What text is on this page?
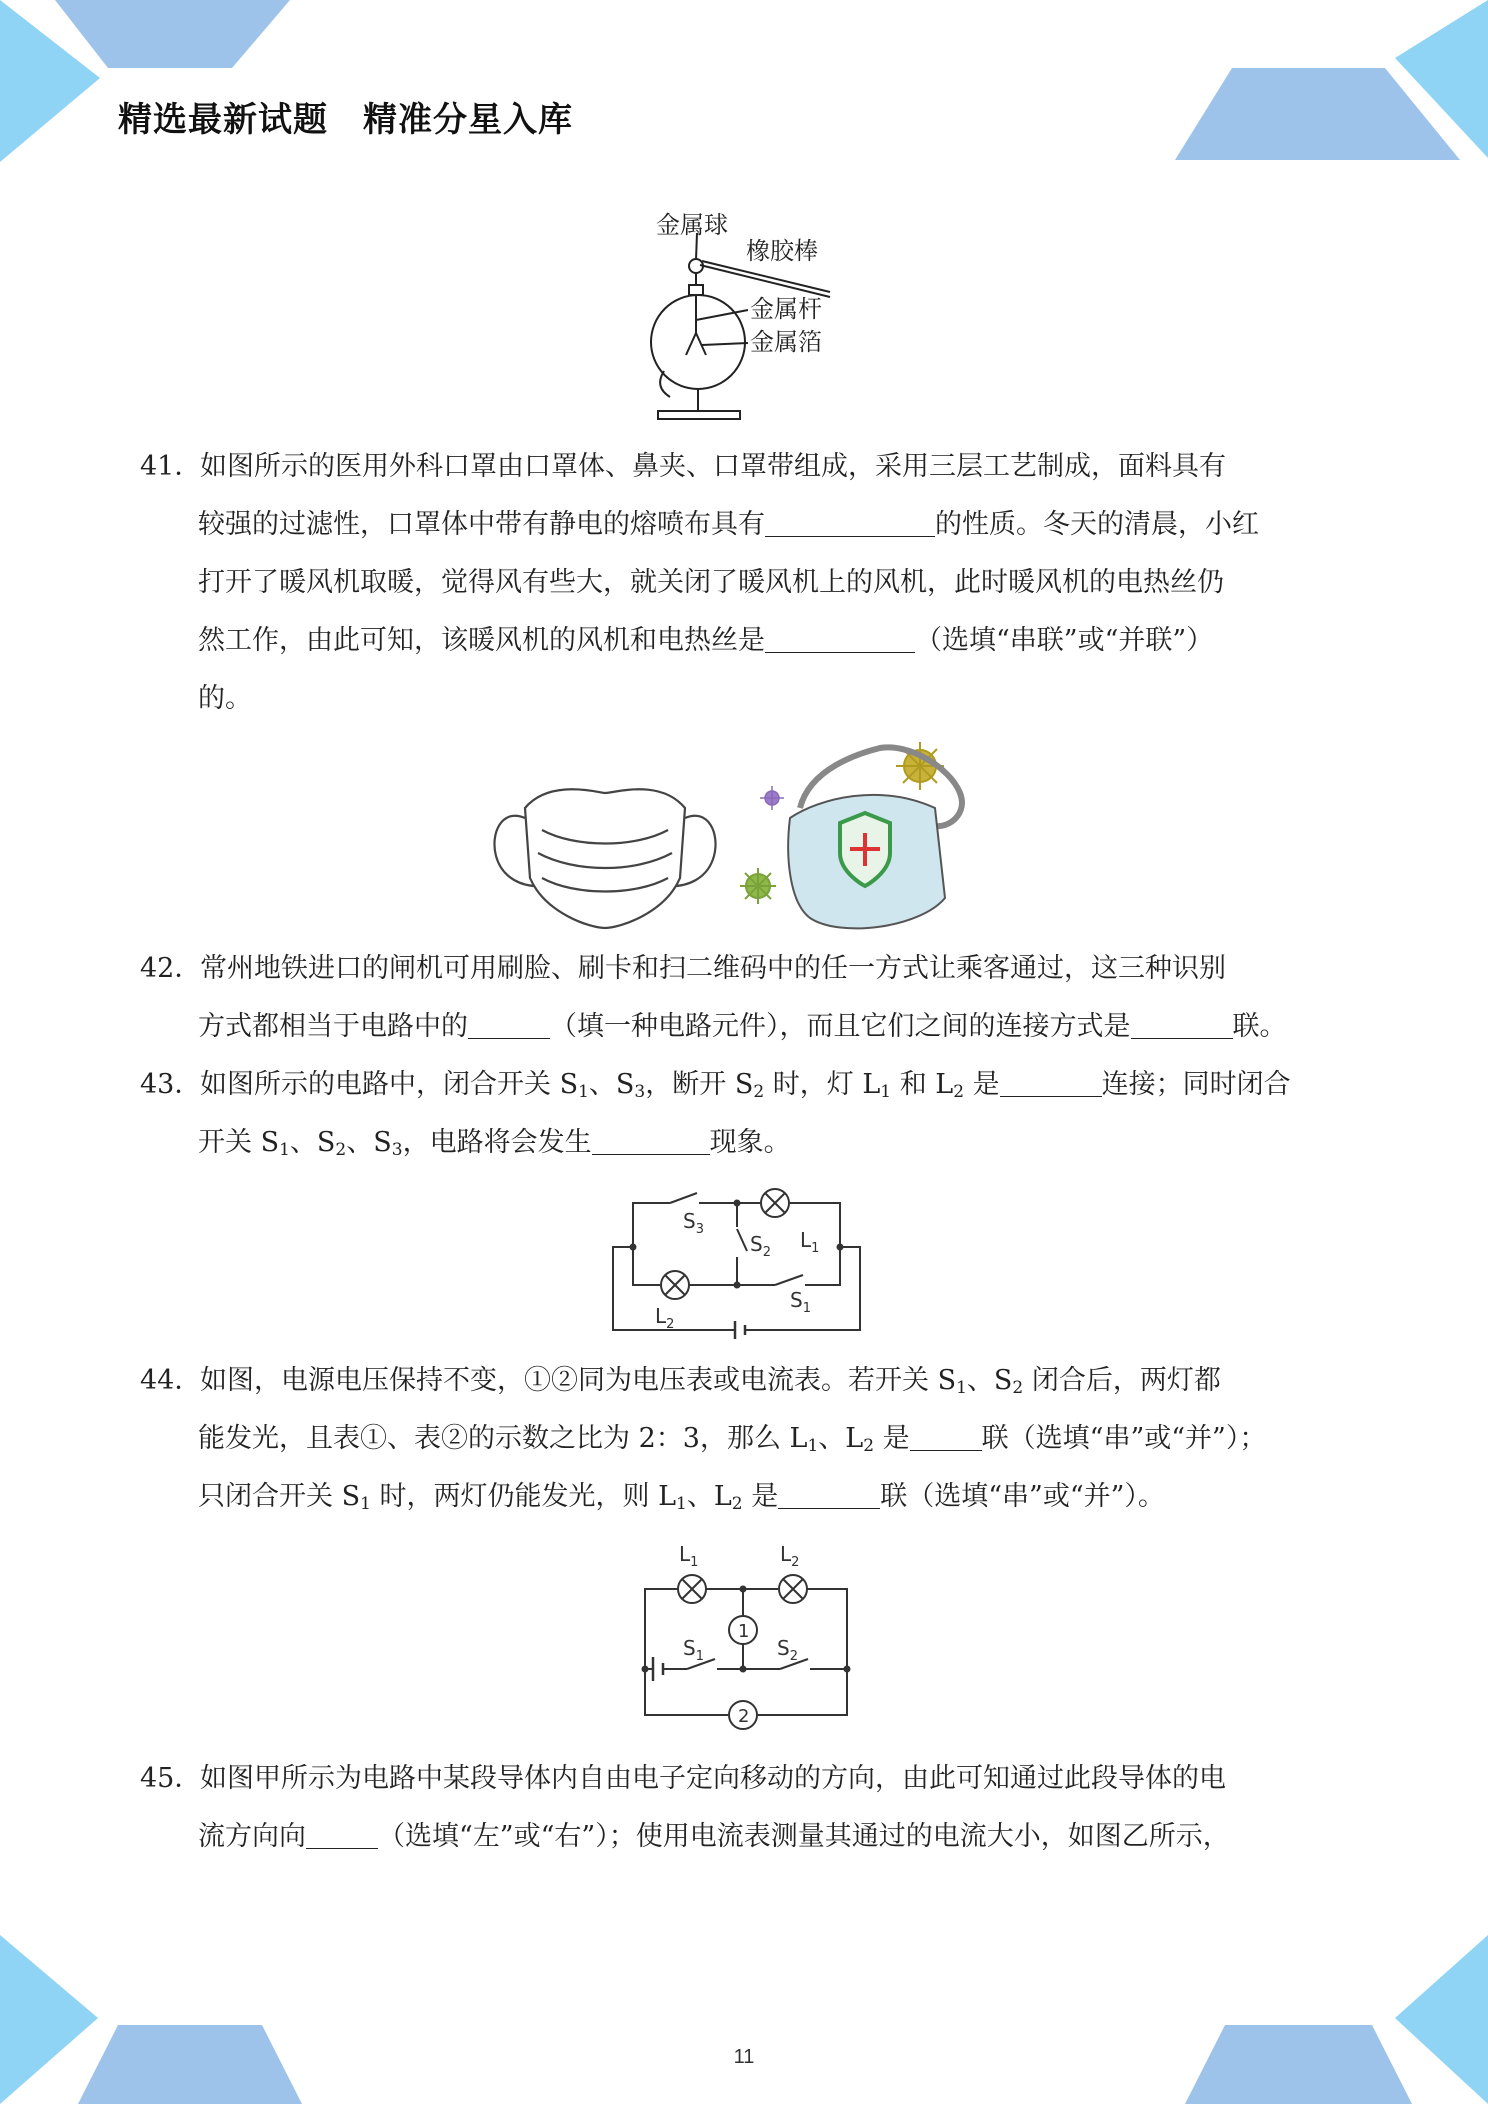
精选最新试题　精准分星入库
金属球
橡胶棒
金属杆
金属箔
41．如图所示的医用外科口罩由口罩体、鼻夹、口罩带组成，采用三层工艺制成，面料具有
较强的过滤性，口罩体中带有静电的熔喷布具有	的性质。冬天的清晨，小红
打开了暖风机取暖，觉得风有些大，就关闭了暖风机上的风机，此时暖风机的电热丝仍
然工作，由此可知，该暖风机的风机和电热丝是	（选填“串联”或“并联”）
的。
42．常州地铁进口的闸机可用刷脸、刷卡和扫二维码中的任一方式让乘客通过，这三种识别
方式都相当于电路中的	（填一种电路元件），而且它们之间的连接方式是	联。
43．如图所示的电路中，闭合开关 $S_1$、$S_3$，断开 $S_2$ 时，灯 $L_1$ 和 $L_2$ 是	连接；同时闭合
开关 $S_1$、$S_2$、$S_3$，电路将会发生	现象。
$S_3$
$S_2$
$L_1$
$L_2$
$S_1$
44．如图，电源电压保持不变，①②同为电压表或电流表。若开关 $S_1$、$S_2$ 闭合后，两灯都
能发光，且表①、表②的示数之比为 2：3，那么 $L_1$、$L_2$ 是	联（选填“串”或“并”）；
只闭合开关 $S_1$ 时，两灯仍能发光，则 $L_1$、$L_2$ 是	联（选填“串”或“并”）。
$L_1$	$L_2$
$S_1$	$S_2$
1
2
45．如图甲所示为电路中某段导体内自由电子定向移动的方向，由此可知通过此段导体的电
流方向向	（选填“左”或“右”）；使用电流表测量其通过的电流大小，如图乙所示，
11
